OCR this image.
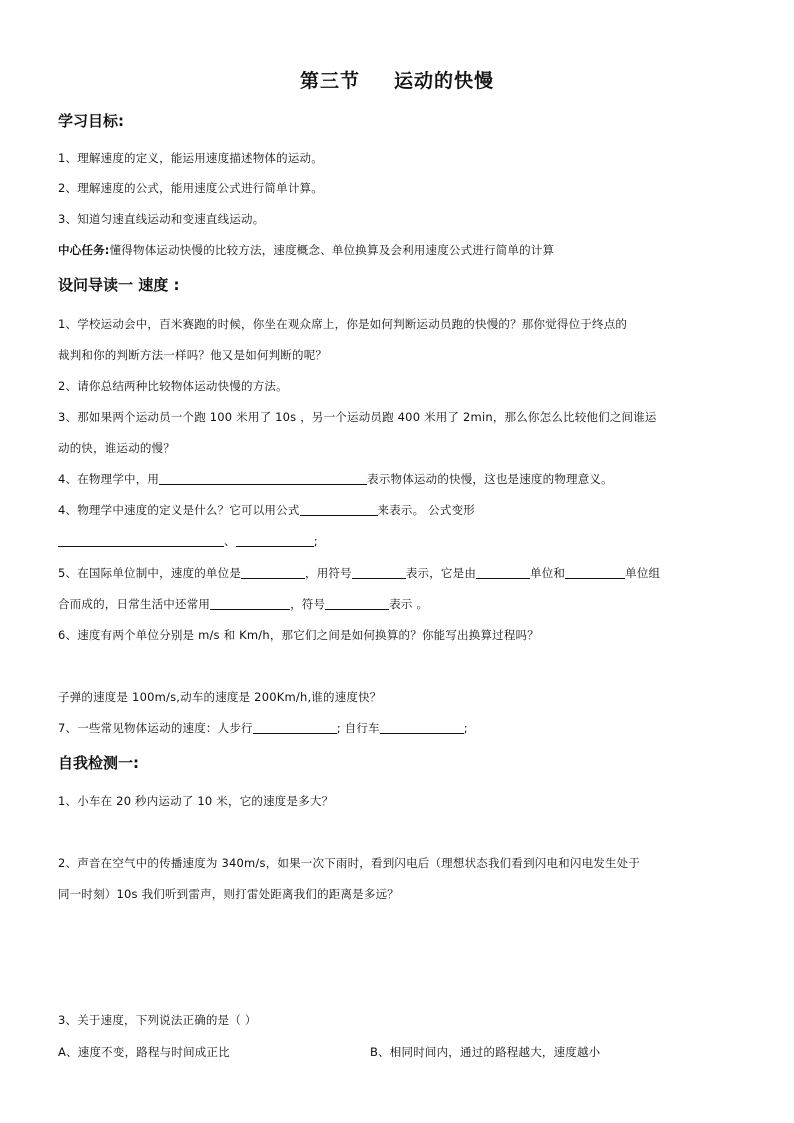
第三节 运动的快慢
学习目标:
1、理解速度的定义，能运用速度描述物体的运动。
2、理解速度的公式，能用速度公式进行简单计算。
3、知道匀速直线运动和变速直线运动。
中心任务:懂得物体运动快慢的比较方法，速度概念、单位换算及会利用速度公式进行简单的计算
设问导读一 速度 :
1、学校运动会中，百米赛跑的时候，你坐在观众席上，你是如何判断运动员跑的快慢的？那你觉得位于终点的
裁判和你的判断方法一样吗？他又是如何判断的呢？
2、请你总结两种比较物体运动快慢的方法。
3、那如果两个运动员一个跑 100 米用了 10s ，另一个运动员跑 400 米用了 2min，那么你怎么比较他们之间谁运
动的快，谁运动的慢？
4、在物理学中，用	表示物体运动的快慢，这也是速度的物理意义。
4、物理学中速度的定义是什么？它可以用公式	来表示。 公式变形
、	;
5、在国际单位制中，速度的单位是	，用符号	表示，它是由	单位和	单位组
合而成的，日常生活中还常用	，符号	表示 。
6、速度有两个单位分别是 m/s 和 Km/h，那它们之间是如何换算的？你能写出换算过程吗？
子弹的速度是 100m/s,动车的速度是 200Km/h,谁的速度快？
7、一些常见物体运动的速度：人步行	; 自行车	;
自我检测一:
1、小车在 20 秒内运动了 10 米，它的速度是多大？
2、声音在空气中的传播速度为 340m/s，如果一次下雨时，看到闪电后（理想状态我们看到闪电和闪电发生处于
同一时刻）10s 我们听到雷声，则打雷处距离我们的距离是多远？
3、关于速度，下列说法正确的是（ ）
A、速度不变，路程与时间成正比	B、相同时间内，通过的路程越大，速度越小
